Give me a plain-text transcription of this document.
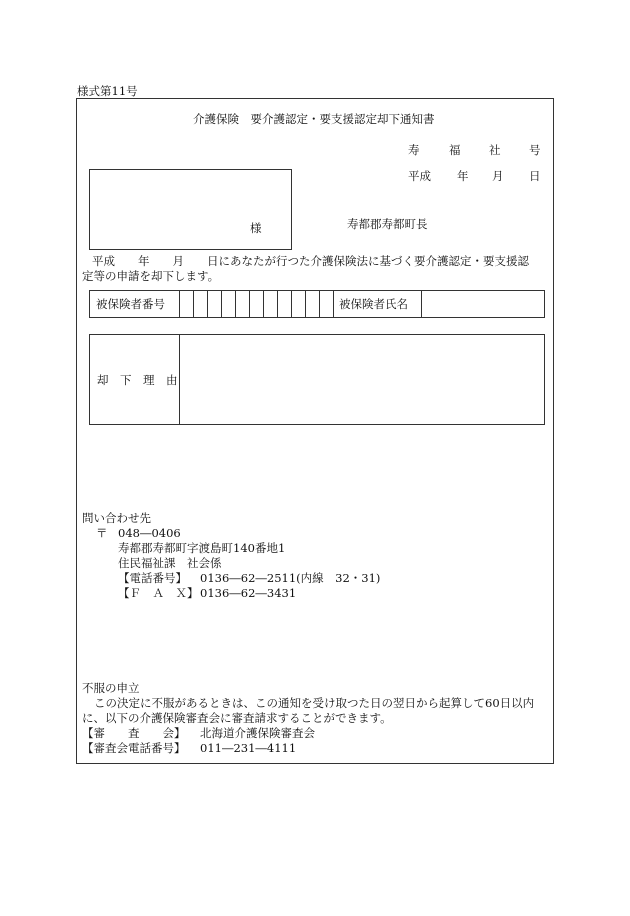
様式第11号
介護保険　要介護認定・要支援認定却下通知書
寿	福 社 号
平成 年 月 日
様	寿都郡寿都町長
平成　　年　　月　　日にあなたが行つた介護保険法に基づく要介護認定・要支援認
定等の申請を却下します。
被保険者番号	被保険者氏名
却　下　理　由
問い合わせ先
〒 048―0406
寿都郡寿都町字渡島町140番地1
住民福祉課　社会係
【電話番号】 0136―62―2511(内線　32・31)
【Ｆ　Ａ　Ｘ】 0136―62―3431
不服の申立
この決定に不服があるときは、この通知を受け取つた日の翌日から起算して60日以内
に、以下の介護保険審査会に審査請求することができます。
【審　　査　　会】 北海道介護保険審査会
【審査会電話番号】 011―231―4111
